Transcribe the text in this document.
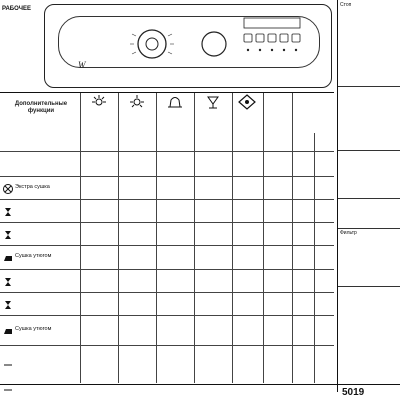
РАБОЧЕЕ
W
Дополнительные функции
Экстра сушка
Сушка утюгом
Сушка утюгом
Стоп
Фильтр
5019
